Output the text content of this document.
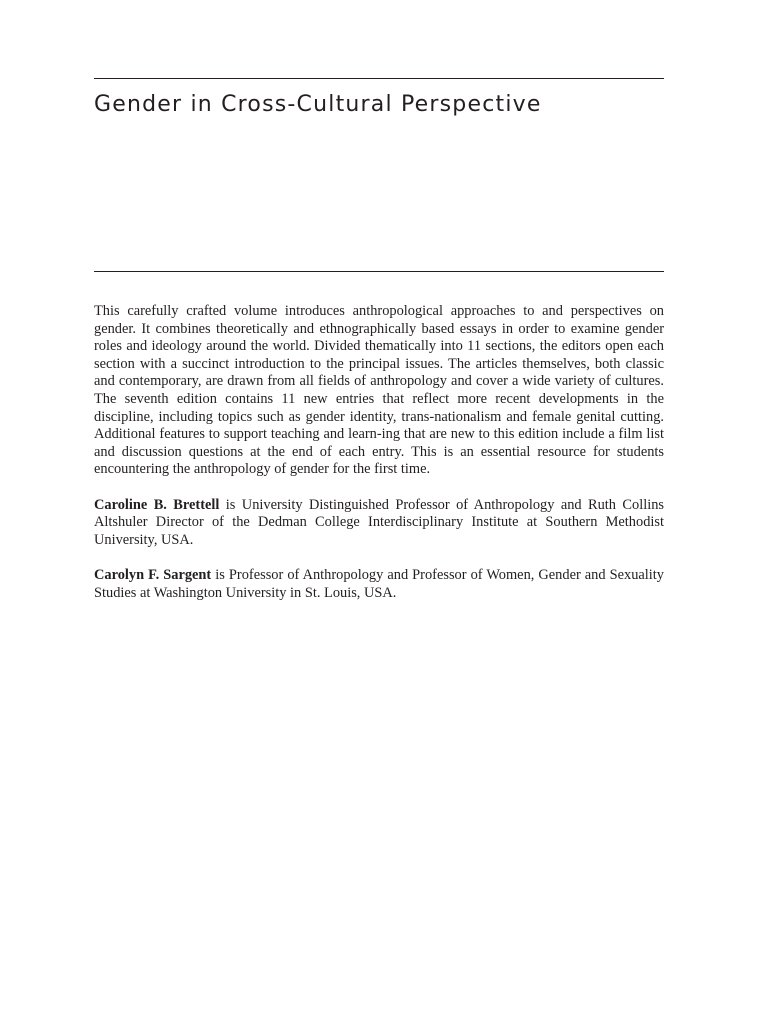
Gender in Cross-Cultural Perspective

This carefully crafted volume introduces anthropological approaches to and perspectives on gender. It combines theoretically and ethnographically based essays in order to examine gender roles and ideology around the world. Divided thematically into 11 sections, the editors open each section with a succinct introduction to the principal issues. The articles themselves, both classic and contemporary, are drawn from all fields of anthropology and cover a wide variety of cultures. The seventh edition contains 11 new entries that reflect more recent developments in the discipline, including topics such as gender identity, trans-nationalism and female genital cutting. Additional features to support teaching and learn-ing that are new to this edition include a film list and discussion questions at the end of each entry. This is an essential resource for students encountering the anthropology of gender for the first time.

Caroline B. Brettell is University Distinguished Professor of Anthropology and Ruth Collins Altshuler Director of the Dedman College Interdisciplinary Institute at Southern Methodist University, USA.

Carolyn F. Sargent is Professor of Anthropology and Professor of Women, Gender and Sexuality Studies at Washington University in St. Louis, USA.
